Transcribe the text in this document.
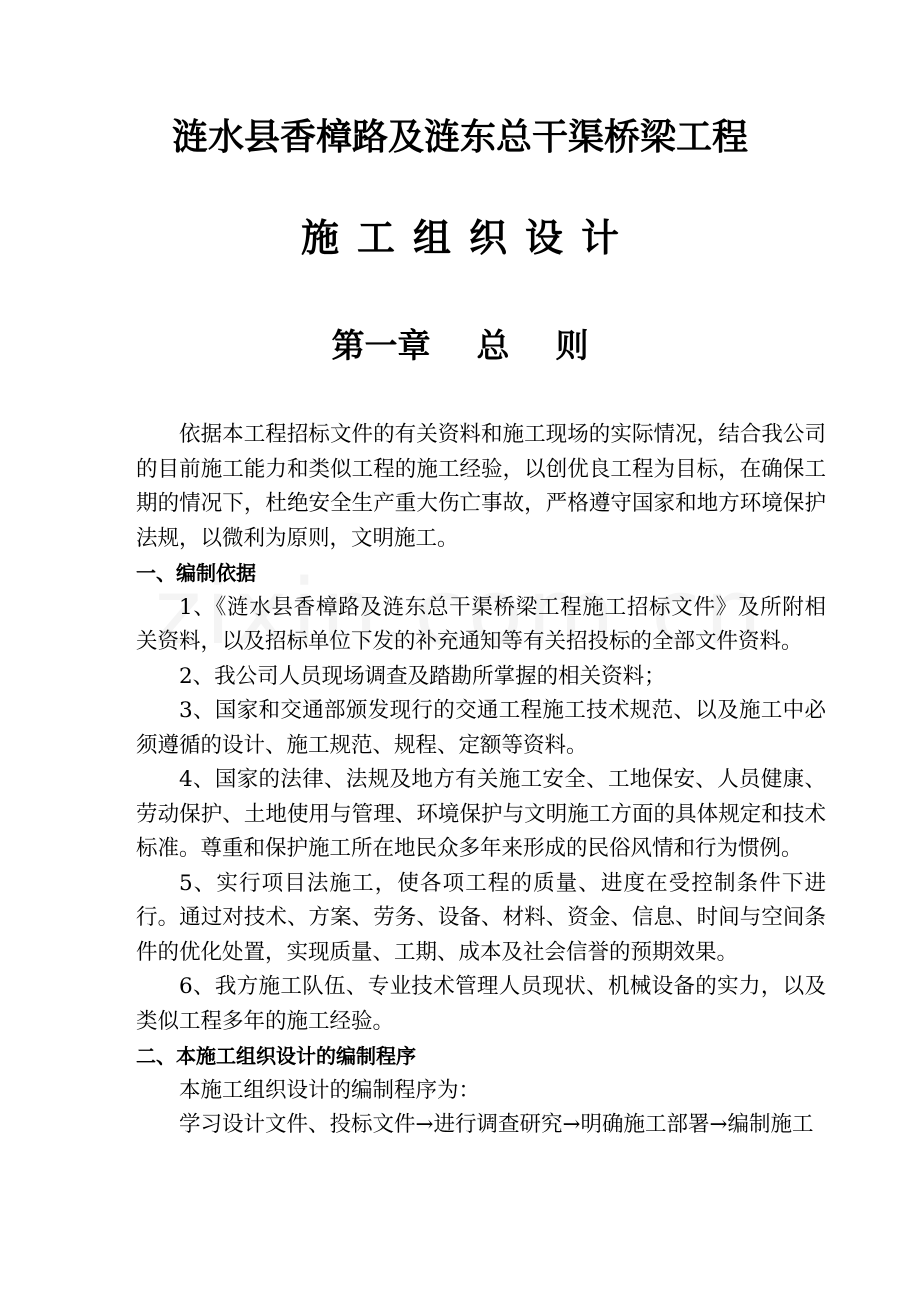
涟水县香樟路及涟东总干渠桥梁工程
施工组织设计
第一章    总    则

依据本工程招标文件的有关资料和施工现场的实际情况，结合我公司的目前施工能力和类似工程的施工经验，以创优良工程为目标，在确保工期的情况下，杜绝安全生产重大伤亡事故，严格遵守国家和地方环境保护法规，以微利为原则，文明施工。

一、编制依据

1、《涟水县香樟路及涟东总干渠桥梁工程施工招标文件》及所附相关资料，以及招标单位下发的补充通知等有关招投标的全部文件资料。

2、我公司人员现场调查及踏勘所掌握的相关资料；

3、国家和交通部颁发现行的交通工程施工技术规范、以及施工中必须遵循的设计、施工规范、规程、定额等资料。

4、国家的法律、法规及地方有关施工安全、工地保安、人员健康、劳动保护、土地使用与管理、环境保护与文明施工方面的具体规定和技术标准。尊重和保护施工所在地民众多年来形成的民俗风情和行为惯例。

5、实行项目法施工，使各项工程的质量、进度在受控制条件下进行。通过对技术、方案、劳务、设备、材料、资金、信息、时间与空间条件的优化处置，实现质量、工期、成本及社会信誉的预期效果。

6、我方施工队伍、专业技术管理人员现状、机械设备的实力，以及类似工程多年的施工经验。

二、本施工组织设计的编制程序

本施工组织设计的编制程序为：

学习设计文件、投标文件→进行调查研究→明确施工部署→编制施工
